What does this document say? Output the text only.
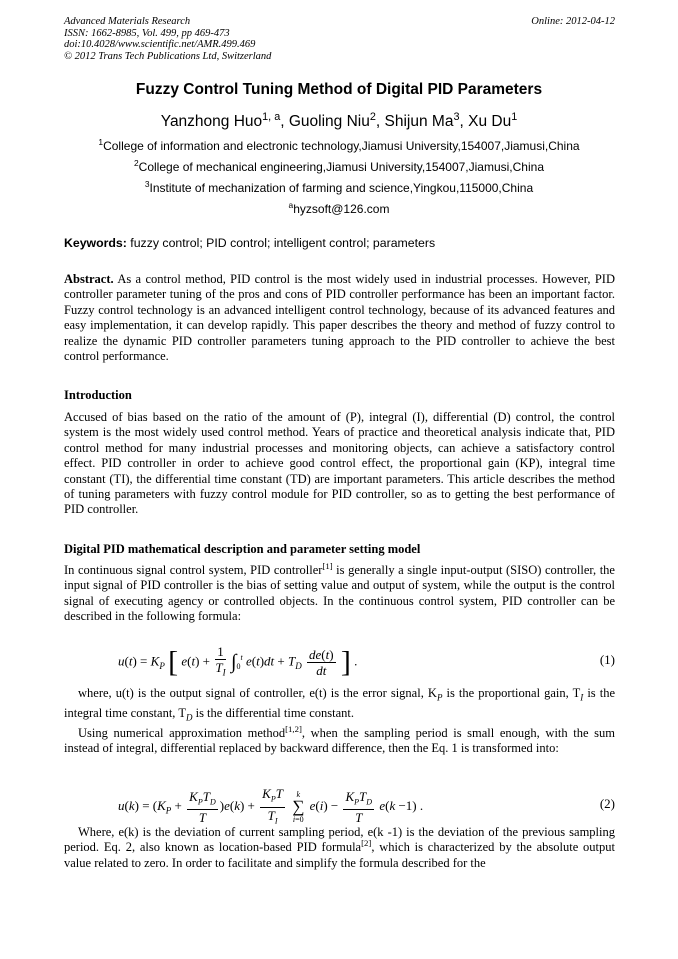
Advanced Materials Research
ISSN: 1662-8985, Vol. 499, pp 469-473
doi:10.4028/www.scientific.net/AMR.499.469
© 2012 Trans Tech Publications Ltd, Switzerland
Online: 2012-04-12
Fuzzy Control Tuning Method of Digital PID Parameters
Yanzhong Huo$^{1, a}$, Guoling Niu$^2$, Shijun Ma$^3$, Xu Du$^1$
$^1$College of information and electronic technology,Jiamusi University,154007,Jiamusi,China
$^2$College of mechanical engineering,Jiamusi University,154007,Jiamusi,China
$^3$Institute of mechanization of farming and science,Yingkou,115000,China
$^a$hyzsoft@126.com
Keywords: fuzzy control; PID control; intelligent control; parameters

Abstract. As a control method, PID control is the most widely used in industrial processes. However, PID controller parameter tuning of the pros and cons of PID controller performance has been an important factor. Fuzzy control technology is an advanced intelligent control technology, because of its advanced features and easy implementation, it can develop rapidly. This paper describes the theory and method of fuzzy control to realize the dynamic PID controller parameters tuning approach to the PID controller to achieve the best control performance.

Introduction

Accused of bias based on the ratio of the amount of (P), integral (I), differential (D) control, the control system is the most widely used control method. Years of practice and theoretical analysis indicate that, PID control method for many industrial processes and monitoring objects, can achieve a satisfactory control effect. PID controller in order to achieve good control effect, the proportional gain (KP), integral time constant (TI), the differential time constant (TD) are important parameters. This article describes the method of tuning parameters with fuzzy control module for PID controller, so as to getting the best performance of PID controller.

Digital PID mathematical description and parameter setting model

In continuous signal control system, PID controller[1] is generally a single input-output (SISO) controller, the input signal of PID controller is the bias of setting value and output of system, while the output is the control signal of executing agency or controlled objects. In the continuous control system, PID controller can be described in the following formula:

$u(t) = K_P$ [ $e(t) + \frac{1}{T_I} \int_0^t$ $e(t)dt + T_D \frac{de(t)}{dt}$ ] .	(1)

where, u(t) is the output signal of controller, e(t) is the error signal, $K_P$ is the proportional gain, $T_I$ is the integral time constant, $T_D$ is the differential time constant.

Using numerical approximation method[1,2], when the sampling period is small enough, with the sum instead of integral, differential replaced by backward difference, then the Eq. 1 is transformed into:

$u(k) = (K_P + \frac{K_PT_D}{T} )e(k) + \frac{K_PT}{T_I}$
	k
∑
i=0
$e(i) - \frac{K_PT_D}{T} e(k -1)$ .	(2)

Where, e(k) is the deviation of current sampling period, e(k -1) is the deviation of the previous sampling period. Eq. 2, also known as location-based PID formula[2], which is characterized by the absolute output value related to zero. In order to facilitate and simplify the formula described for the
